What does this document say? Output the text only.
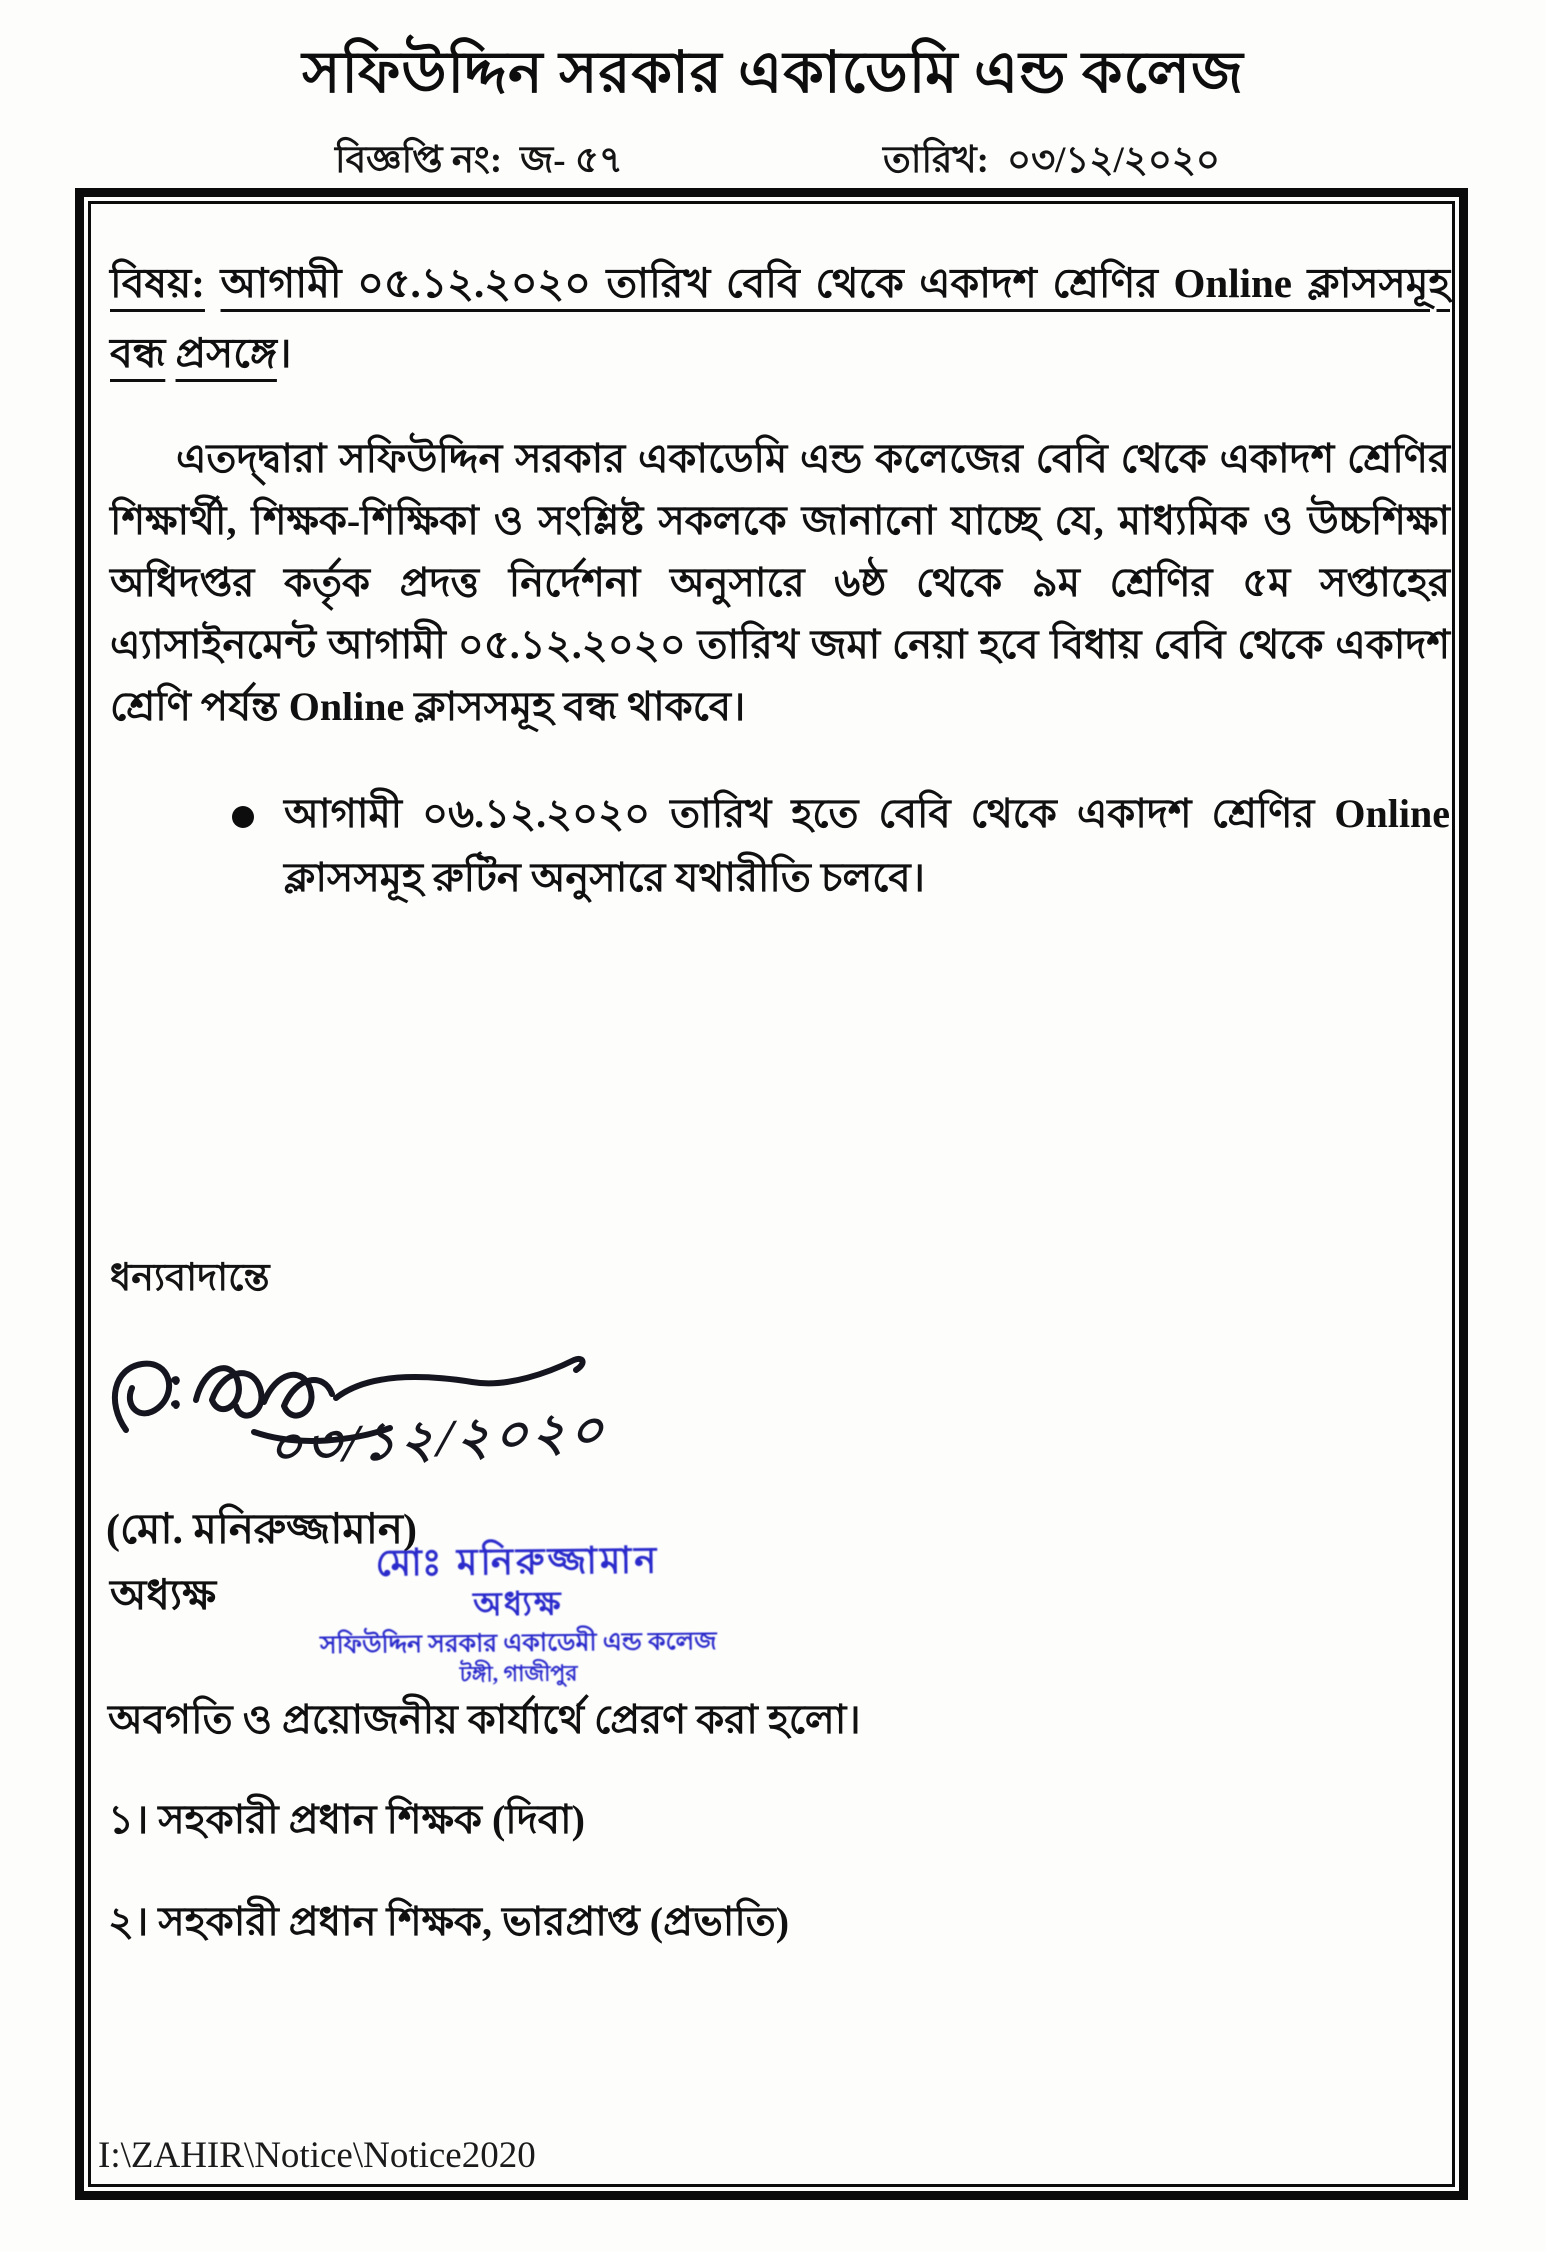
সফিউদ্দিন সরকার একাডেমি এন্ড কলেজ
বিজ্ঞপ্তি নং: জ- ৫৭	তারিখ: ০৩/১২/২০২০
বিষয়: আগামী ০৫.১২.২০২০ তারিখ বেবি থেকে একাদশ শ্রেণির Online ক্লাসসমূহ বন্ধ প্রসঙ্গে।
এতদ্দ্বারা সফিউদ্দিন সরকার একাডেমি এন্ড কলেজের বেবি থেকে একাদশ শ্রেণির শিক্ষার্থী, শিক্ষক-শিক্ষিকা ও সংশ্লিষ্ট সকলকে জানানো যাচ্ছে যে, মাধ্যমিক ও উচ্চশিক্ষা অধিদপ্তর কর্তৃক প্রদত্ত নির্দেশনা অনুসারে ৬ষ্ঠ থেকে ৯ম শ্রেণির ৫ম সপ্তাহের এ্যাসাইনমেন্ট আগামী ০৫.১২.২০২০ তারিখ জমা নেয়া হবে বিধায় বেবি থেকে একাদশ শ্রেণি পর্যন্ত Online ক্লাসসমূহ বন্ধ থাকবে।
আগামী ০৬.১২.২০২০ তারিখ হতে বেবি থেকে একাদশ শ্রেণির Online ক্লাসসমূহ রুটিন অনুসারে যথারীতি চলবে।
ধন্যবাদান্তে
০৩/১২/২০২০
(মো. মনিরুজ্জামান)
অধ্যক্ষ
মোঃ মনিরুজ্জামান
অধ্যক্ষ
সফিউদ্দিন সরকার একাডেমী এন্ড কলেজ
টঙ্গী, গাজীপুর
অবগতি ও প্রয়োজনীয় কার্যার্থে প্রেরণ করা হলো।
১। সহকারী প্রধান শিক্ষক (দিবা)
২। সহকারী প্রধান শিক্ষক, ভারপ্রাপ্ত (প্রভাতি)
I:\ZAHIR\Notice\Notice2020
